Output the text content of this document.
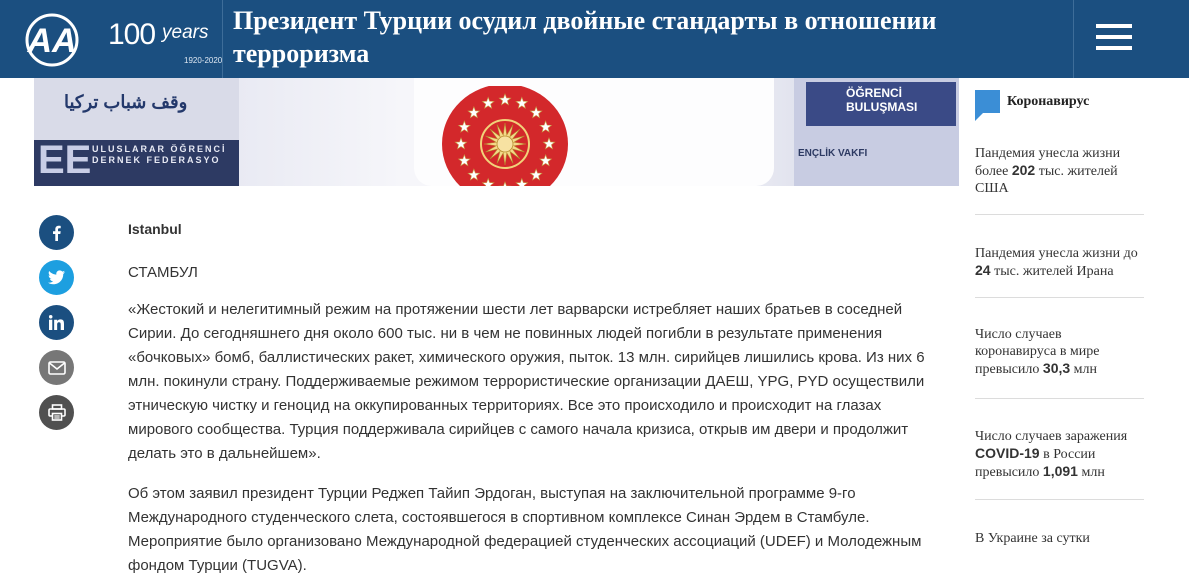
AA 100 years
1920-2020
Президент Турции осудил двойные стандарты в отношении терроризма
وقف شباب تركيا
EE ULUSLARAR ÖĞRENCİ DERNEK FEDERASYO
ÖĞRENCİ BULUŞMASI
ENÇLİK VAKFI
Istanbul
СТАМБУЛ

«Жестокий и нелегитимный режим на протяжении шести лет варварски истребляет наших братьев в соседней Сирии. До сегодняшнего дня около 600 тыс. ни в чем не повинных людей погибли в результате применения «бочковых» бомб, баллистических ракет, химического оружия, пыток. 13 млн. сирийцев лишились крова. Из них 6 млн. покинули страну. Поддерживаемые режимом террористические организации ДАЕШ, YPG, PYD осуществили этническую чистку и геноцид на оккупированных территориях. Все это происходило и происходит на глазах мирового сообщества. Турция поддерживала сирийцев с самого начала кризиса, открыв им двери и продолжит делать это в дальнейшем».

Об этом заявил президент Турции Реджеп Тайип Эрдоган, выступая на заключительной программе 9-го Международного студенческого слета, состоявшегося в спортивном комплексе Синан Эрдем в Стамбуле. Мероприятие было организовано Международной федерацией студенческих ассоциаций (UDEF) и Молодежным фондом Турции (TUGVA).

Коронавирус
Пандемия унесла жизни более 202 тыс. жителей США
Пандемия унесла жизни до 24 тыс. жителей Ирана
Число случаев коронавируса в мире превысило 30,3 млн
Число случаев заражения COVID-19 в России превысило 1,091 млн
В Украине за сутки
